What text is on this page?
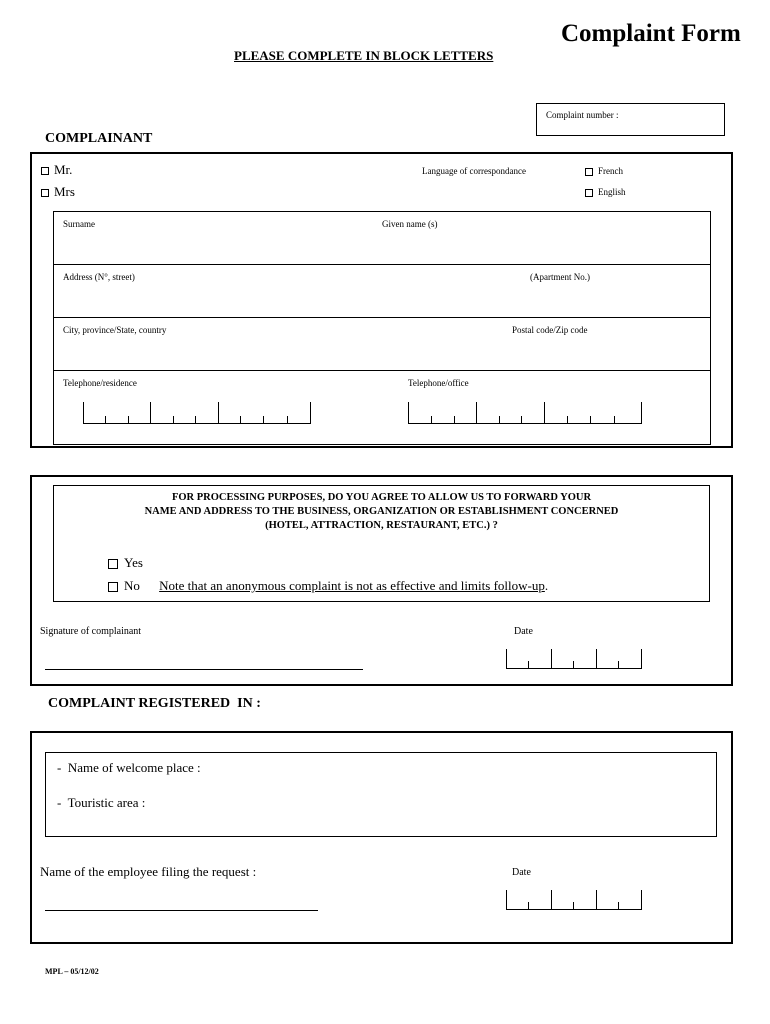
Complaint Form
PLEASE COMPLETE IN BLOCK LETTERS
Complaint number :
COMPLAINANT
Mr.
Mrs
Language of correspondance	French
English
Surname	Given name (s)
Address (N°, street)	(Apartment No.)
City, province/State, country	Postal code/Zip code
Telephone/residence	Telephone/office
FOR PROCESSING PURPOSES, DO YOU AGREE TO ALLOW US TO FORWARD YOUR
NAME AND ADDRESS TO THE BUSINESS, ORGANIZATION OR ESTABLISHMENT CONCERNED
(HOTEL, ATTRACTION, RESTAURANT, ETC.) ?
Yes
No Note that an anonymous complaint is not as effective and limits follow-up.
Signature of complainant	Date
COMPLAINT REGISTERED  IN :
-  Name of welcome place :
-  Touristic area :
Name of the employee filing the request :	Date
MPL – 05/12/02
